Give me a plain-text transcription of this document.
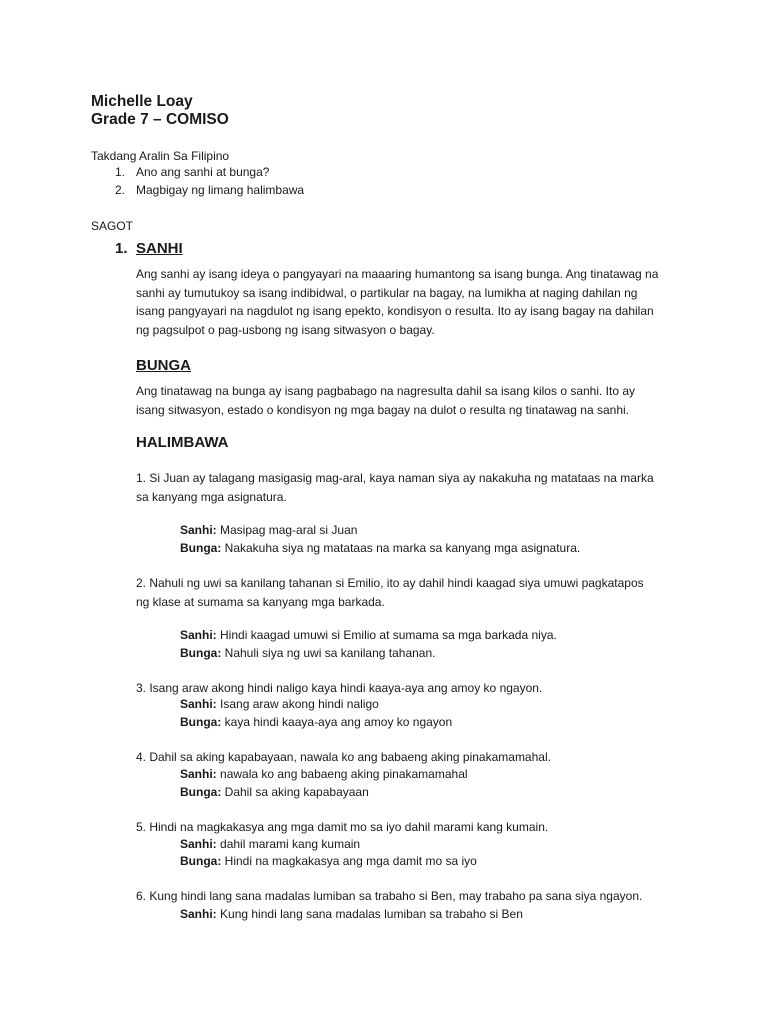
Michelle Loay
Grade 7 – COMISO
Takdang Aralin Sa Filipino
1. Ano ang sanhi at bunga?
2. Magbigay ng limang halimbawa
SAGOT
1. SANHI
Ang sanhi ay isang ideya o pangyayari na maaaring humantong sa isang bunga. Ang tinatawag na
sanhi ay tumutukoy sa isang indibidwal, o partikular na bagay, na lumikha at naging dahilan ng
isang pangyayari na nagdulot ng isang epekto, kondisyon o resulta. Ito ay isang bagay na dahilan
ng pagsulpot o pag-usbong ng isang sitwasyon o bagay.
BUNGA
Ang tinatawag na bunga ay isang pagbabago na nagresulta dahil sa isang kilos o sanhi. Ito ay
isang sitwasyon, estado o kondisyon ng mga bagay na dulot o resulta ng tinatawag na sanhi.
HALIMBAWA
1. Si Juan ay talagang masigasig mag-aral, kaya naman siya ay nakakuha ng matataas na marka
sa kanyang mga asignatura.
Sanhi: Masipag mag-aral si Juan
Bunga: Nakakuha siya ng matataas na marka sa kanyang mga asignatura.
2. Nahuli ng uwi sa kanilang tahanan si Emilio, ito ay dahil hindi kaagad siya umuwi pagkatapos
ng klase at sumama sa kanyang mga barkada.
Sanhi: Hindi kaagad umuwi si Emilio at sumama sa mga barkada niya.
Bunga: Nahuli siya ng uwi sa kanilang tahanan.
3. Isang araw akong hindi naligo kaya hindi kaaya-aya ang amoy ko ngayon.
Sanhi: Isang araw akong hindi naligo
Bunga: kaya hindi kaaya-aya ang amoy ko ngayon
4. Dahil sa aking kapabayaan, nawala ko ang babaeng aking pinakamamahal.
Sanhi: nawala ko ang babaeng aking pinakamamahal
Bunga: Dahil sa aking kapabayaan
5. Hindi na magkakasya ang mga damit mo sa iyo dahil marami kang kumain.
Sanhi: dahil marami kang kumain
Bunga: Hindi na magkakasya ang mga damit mo sa iyo
6. Kung hindi lang sana madalas lumiban sa trabaho si Ben, may trabaho pa sana siya ngayon.
Sanhi: Kung hindi lang sana madalas lumiban sa trabaho si Ben
